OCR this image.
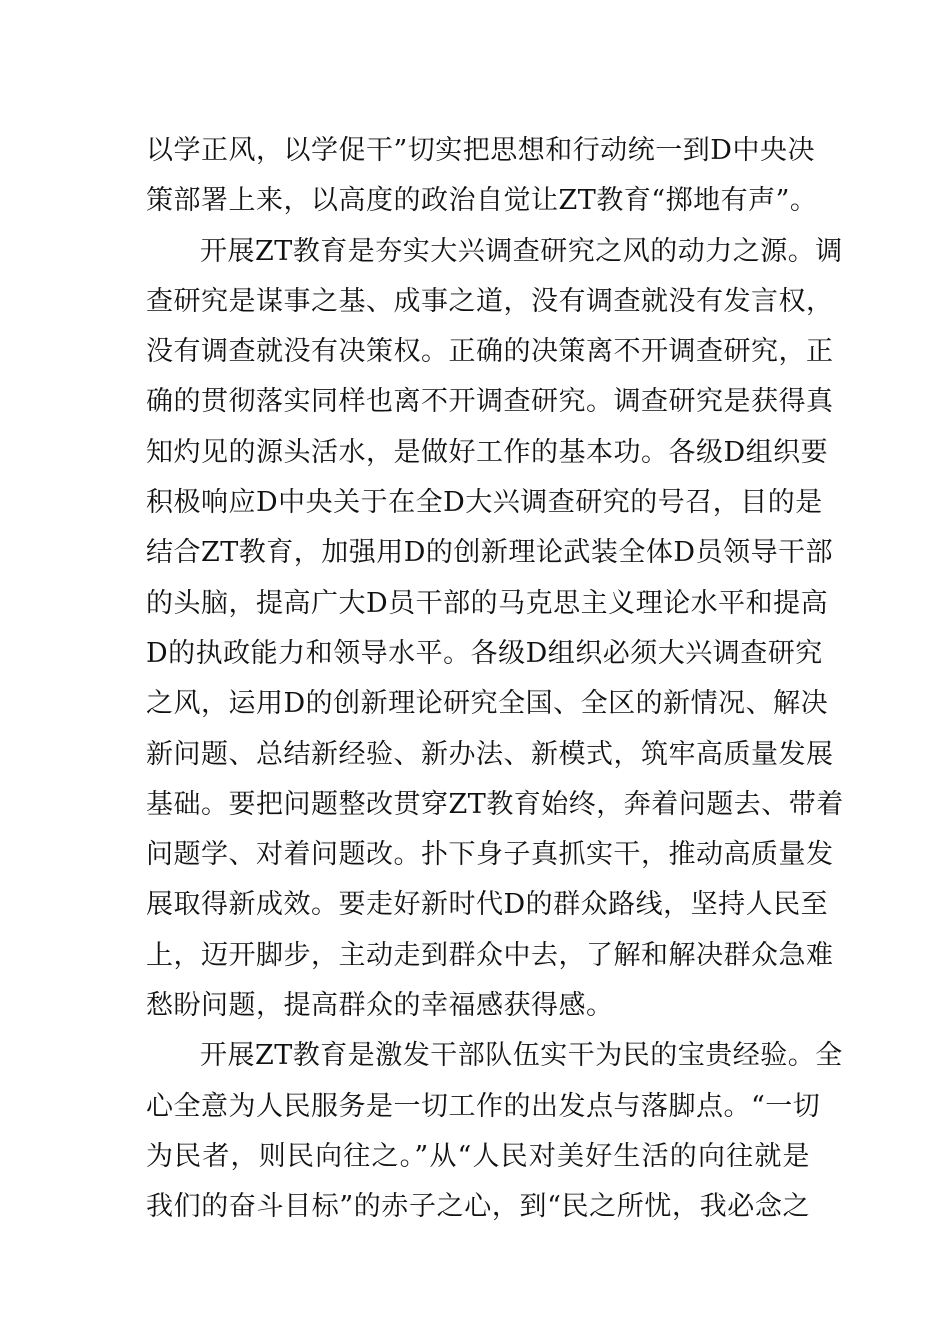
以学正风，以学促干”切实把思想和行动统一到D中央决
策部署上来，以高度的政治自觉让ZT教育“掷地有声”。
开展ZT教育是夯实大兴调查研究之风的动力之源。调
查研究是谋事之基、成事之道，没有调查就没有发言权，
没有调查就没有决策权。正确的决策离不开调查研究，正
确的贯彻落实同样也离不开调查研究。调查研究是获得真
知灼见的源头活水，是做好工作的基本功。各级D组织要
积极响应D中央关于在全D大兴调查研究的号召，目的是
结合ZT教育，加强用D的创新理论武装全体D员领导干部
的头脑，提高广大D员干部的马克思主义理论水平和提高
D的执政能力和领导水平。各级D组织必须大兴调查研究
之风，运用D的创新理论研究全国、全区的新情况、解决
新问题、总结新经验、新办法、新模式，筑牢高质量发展
基础。要把问题整改贯穿ZT教育始终，奔着问题去、带着
问题学、对着问题改。扑下身子真抓实干，推动高质量发
展取得新成效。要走好新时代D的群众路线，坚持人民至
上，迈开脚步，主动走到群众中去，了解和解决群众急难
愁盼问题，提高群众的幸福感获得感。
开展ZT教育是激发干部队伍实干为民的宝贵经验。全
心全意为人民服务是一切工作的出发点与落脚点。“一切
为民者，则民向往之。”从“人民对美好生活的向往就是
我们的奋斗目标”的赤子之心，到“民之所忧，我必念之
